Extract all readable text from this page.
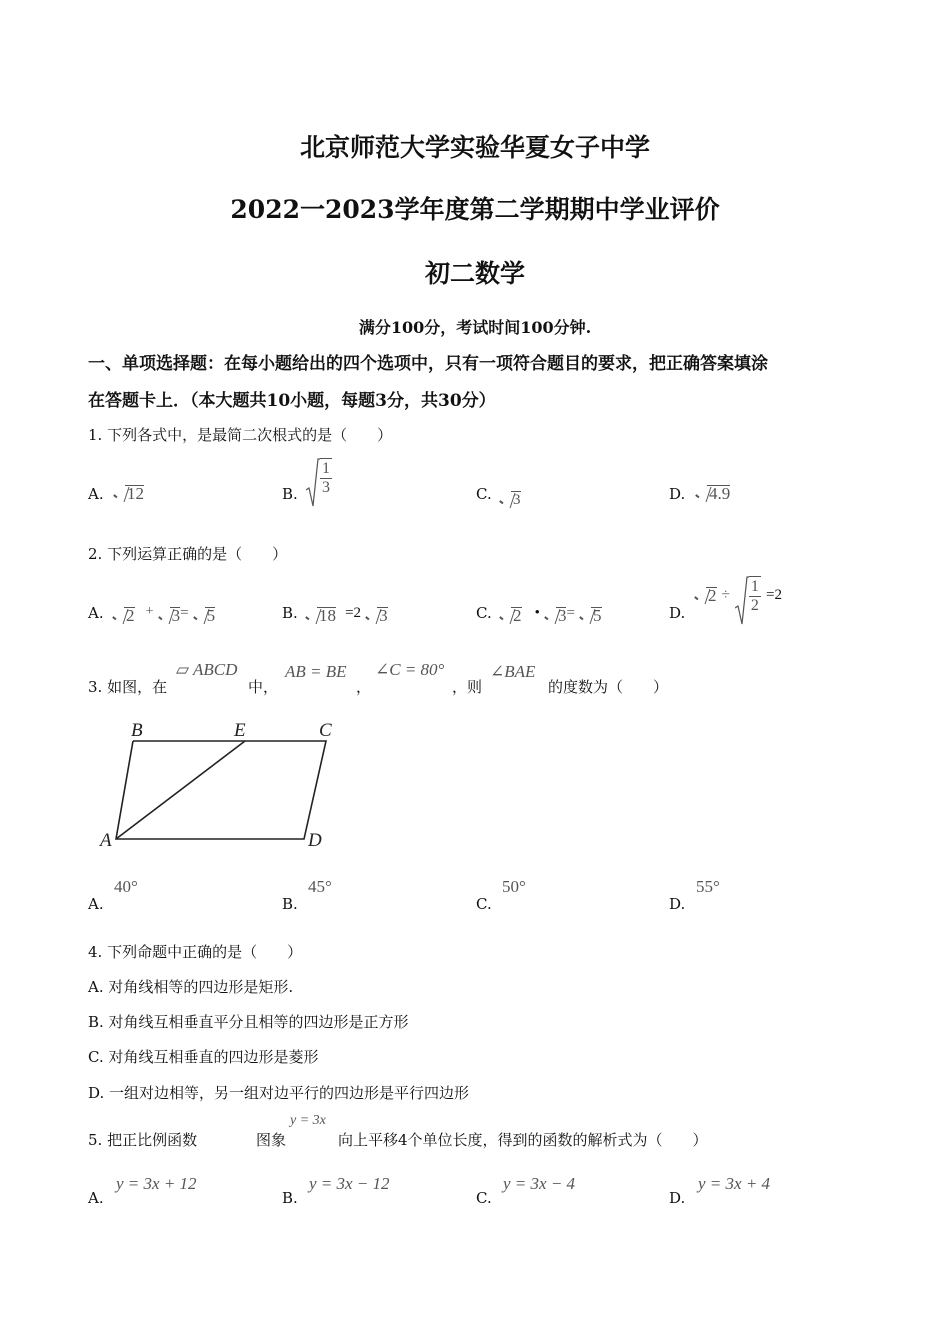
北京师范大学实验华夏女子中学
2022一2023学年度第二学期期中学业评价
初二数学
满分100分，考试时间100分钟.
一、单项选择题：在每小题给出的四个选项中，只有一项符合题目的要求，把正确答案填涂
在答题卡上．（本大题共10小题，每题3分，共30分）
1. 下列各式中，是最简二次根式的是（　　）
A.	12	B. $\frac{1}{3}$	C.	3	D.	4.9
2. 下列运算正确的是（　　）
A.	2 + 3= 5	B.	18 =2 3	C.	2 • 3= 5	D.
$2 \div \frac{1}{2} =2$
3. 如图，在
▱ ABCD
中，
AB = BE
，
∠C = 80°
，则
∠BAE
的度数为（　　）
B	E	C
A	D
A.
40°
B.
45°
C.
50°
D.
55°
4. 下列命题中正确的是（　　）
A. 对角线相等的四边形是矩形.
B. 对角线互相垂直平分且相等的四边形是正方形
C. 对角线互相垂直的四边形是菱形
D. 一组对边相等，另一组对边平行的四边形是平行四边形
5. 把正比例函数	图象
y = 3x
向上平移4个单位长度，得到的函数的解析式为（　　）
A.
y = 3x + 12
B.
y = 3x − 12
C.
y = 3x − 4
D.
y = 3x + 4
